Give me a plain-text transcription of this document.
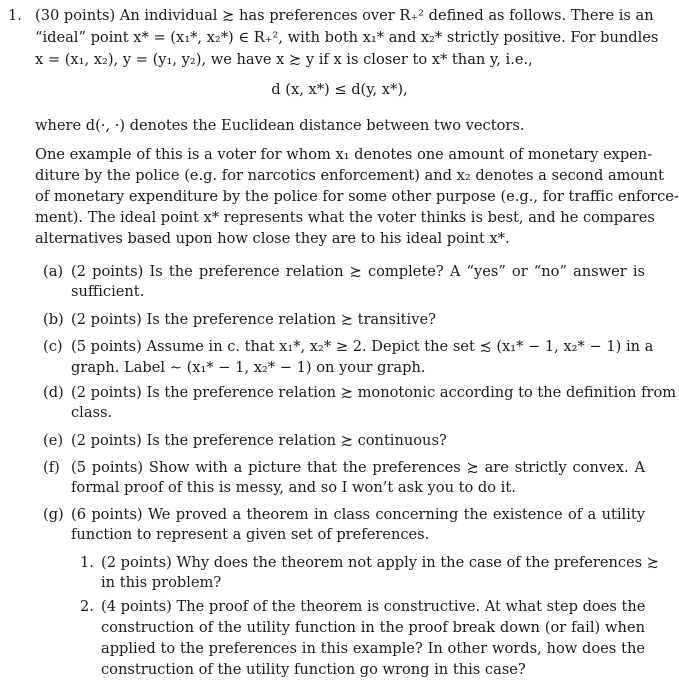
1. (30 points) An individual ≿ has preferences over R₊² defined as follows. There is an
“ideal” point x* = (x₁*, x₂*) ∈ R₊², with both x₁* and x₂* strictly positive. For bundles
x = (x₁, x₂), y = (y₁, y₂), we have x ≿ y if x is closer to x* than y, i.e.,
d (x, x*) ≤ d(y, x*),
where d(·, ·) denotes the Euclidean distance between two vectors.
One example of this is a voter for whom x₁ denotes one amount of monetary expen-
diture by the police (e.g. for narcotics enforcement) and x₂ denotes a second amount
of monetary expenditure by the police for some other purpose (e.g., for traffic enforce-
ment). The ideal point x* represents what the voter thinks is best, and he compares
alternatives based upon how close they are to his ideal point x*.
(a) (2 points) Is the preference relation ≿ complete? A “yes” or “no” answer is
sufficient.
(b) (2 points) Is the preference relation ≿ transitive?
(c) (5 points) Assume in c. that x₁*, x₂* ≥ 2. Depict the set ≾ (x₁* − 1, x₂* − 1) in a
graph. Label ∼ (x₁* − 1, x₂* − 1) on your graph.
(d) (2 points) Is the preference relation ≿ monotonic according to the definition from
class.
(e) (2 points) Is the preference relation ≿ continuous?
(f) (5 points) Show with a picture that the preferences ≿ are strictly convex. A
formal proof of this is messy, and so I won’t ask you to do it.
(g) (6 points) We proved a theorem in class concerning the existence of a utility
function to represent a given set of preferences.
1. (2 points) Why does the theorem not apply in the case of the preferences ≿
in this problem?
2. (4 points) The proof of the theorem is constructive. At what step does the
construction of the utility function in the proof break down (or fail) when
applied to the preferences in this example? In other words, how does the
construction of the utility function go wrong in this case?
